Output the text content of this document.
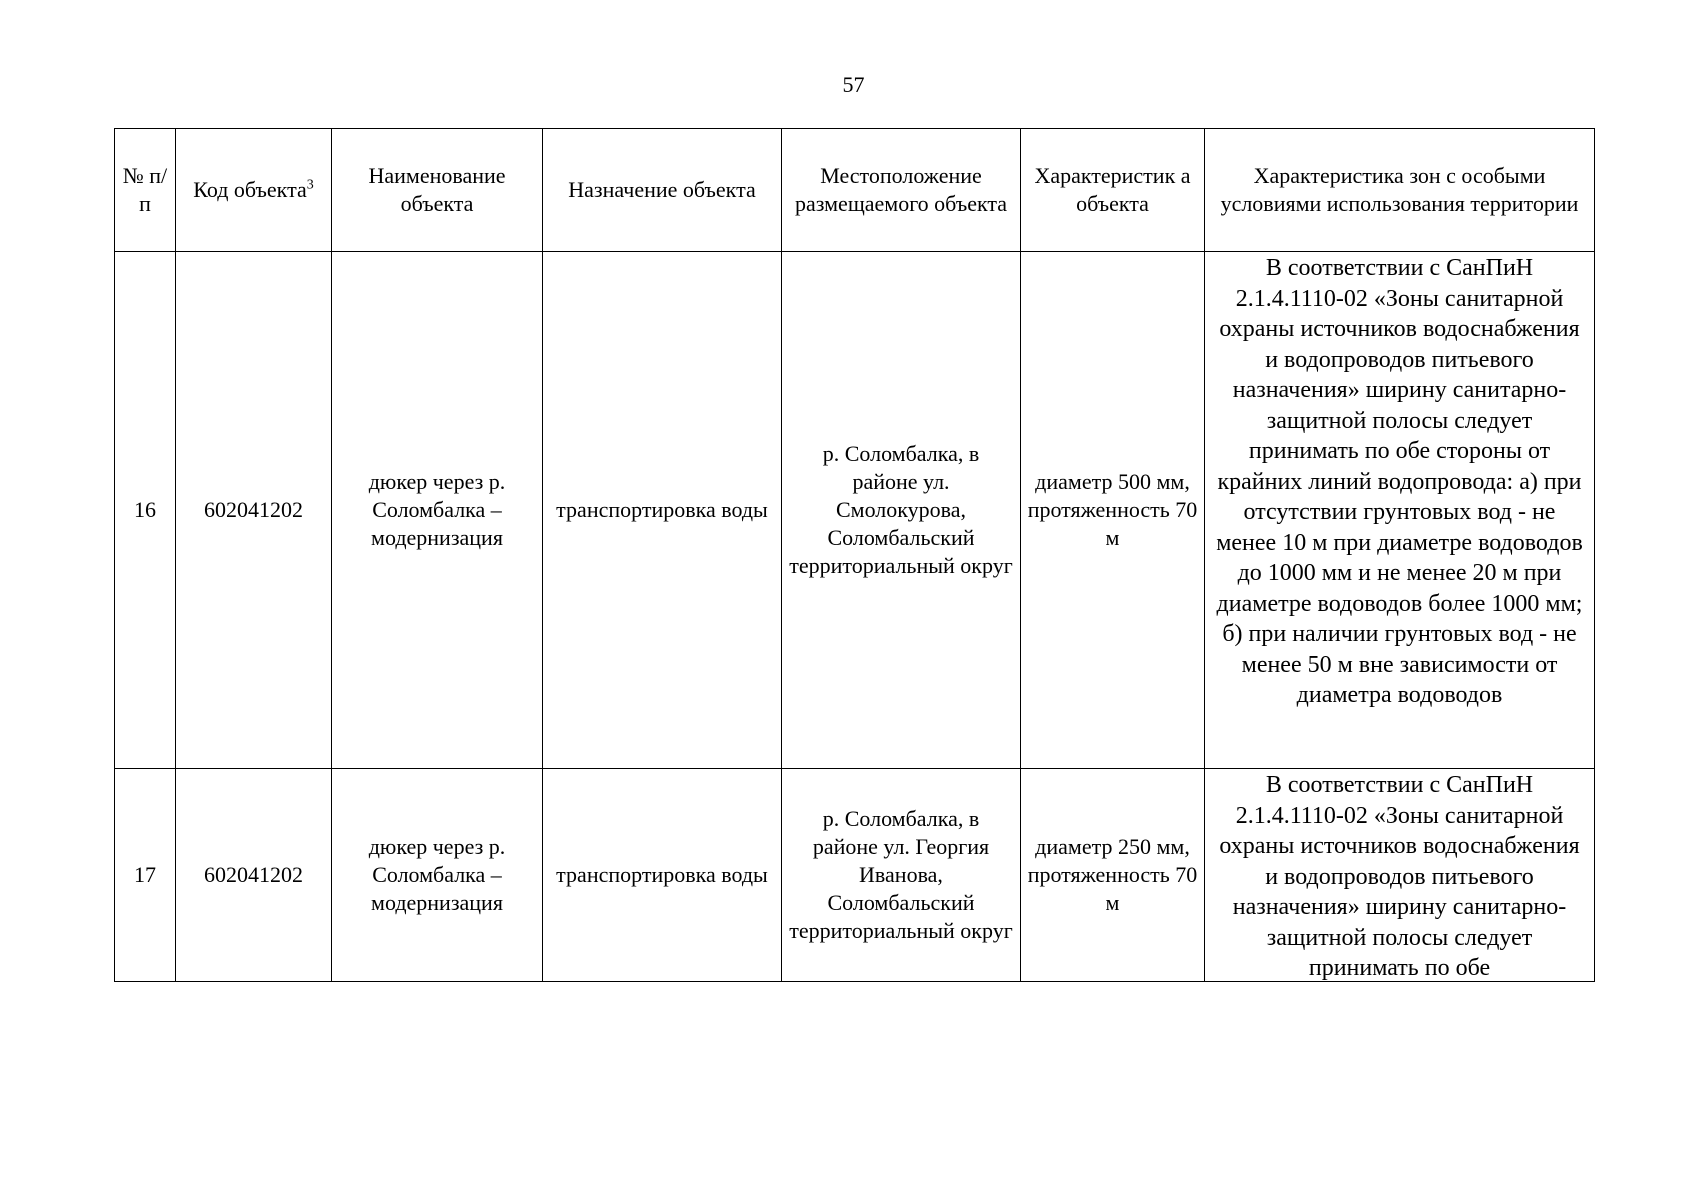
57
№ п/п	Код объекта$^3$	Наименование объекта	Назначение объекта	Местоположение размещаемого объекта	Характеристик а объекта	Характеристика зон с особыми условиями использования территории
16	602041202	дюкер через р. Соломбалка – модернизация	транспортировка воды	р. Соломбалка, в районе ул. Смолокурова, Соломбальский территориальный округ	диаметр 500 мм, протяженность 70 м	В соответствии с СанПиН 2.1.4.1110-02 «Зоны санитарной охраны источников водоснабжения и водопроводов питьевого назначения» ширину санитарно-защитной полосы следует принимать по обе стороны от крайних линий водопровода: а) при отсутствии грунтовых вод - не менее 10 м при диаметре водоводов до 1000 мм и не менее 20 м при диаметре водоводов более 1000 мм; б) при наличии грунтовых вод - не менее 50 м вне зависимости от диаметра водоводов

17	602041202	дюкер через р. Соломбалка – модернизация	транспортировка воды	р. Соломбалка, в районе ул. Георгия Иванова, Соломбальский территориальный округ	диаметр 250 мм, протяженность 70 м	В соответствии с СанПиН 2.1.4.1110-02 «Зоны санитарной охраны источников водоснабжения и водопроводов питьевого назначения» ширину санитарно-защитной полосы следует принимать по обе
